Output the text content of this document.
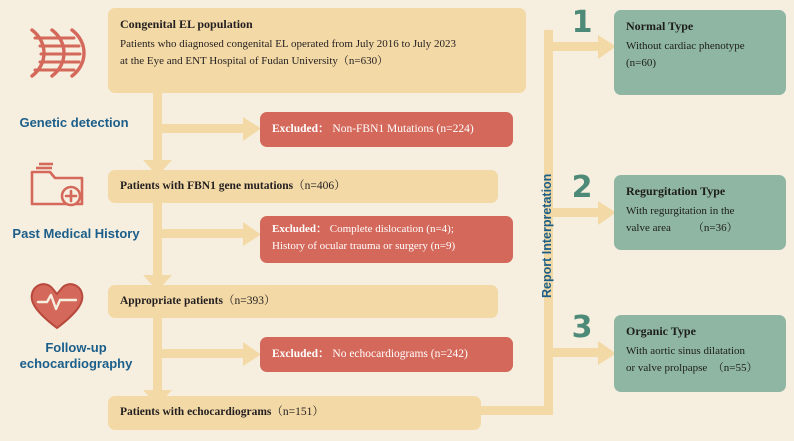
Genetic detection
Past Medical History
Follow-up
echocardiography
Report Interpretation
Congenital EL population
Patients who diagnosed congenital EL operated from July 2016 to July 2023
at the Eye and ENT Hospital of Fudan University（n=630）
Patients with FBN1 gene mutations（n=406）
Appropriate patients（n=393）
Patients with echocardiograms（n=151）
Excluded： Non-FBN1 Mutations (n=224)
Excluded： Complete dislocation (n=4);
History of ocular trauma or surgery (n=9)
Excluded： No echocardiograms (n=242)
1	Normal Type
Without cardiac phenotype
(n=60)
2	Regurgitation Type
With regurgitation in the
valve area        （n=36）
3	Organic Type
With aortic sinus dilatation
or valve prolpapse  （n=55）
